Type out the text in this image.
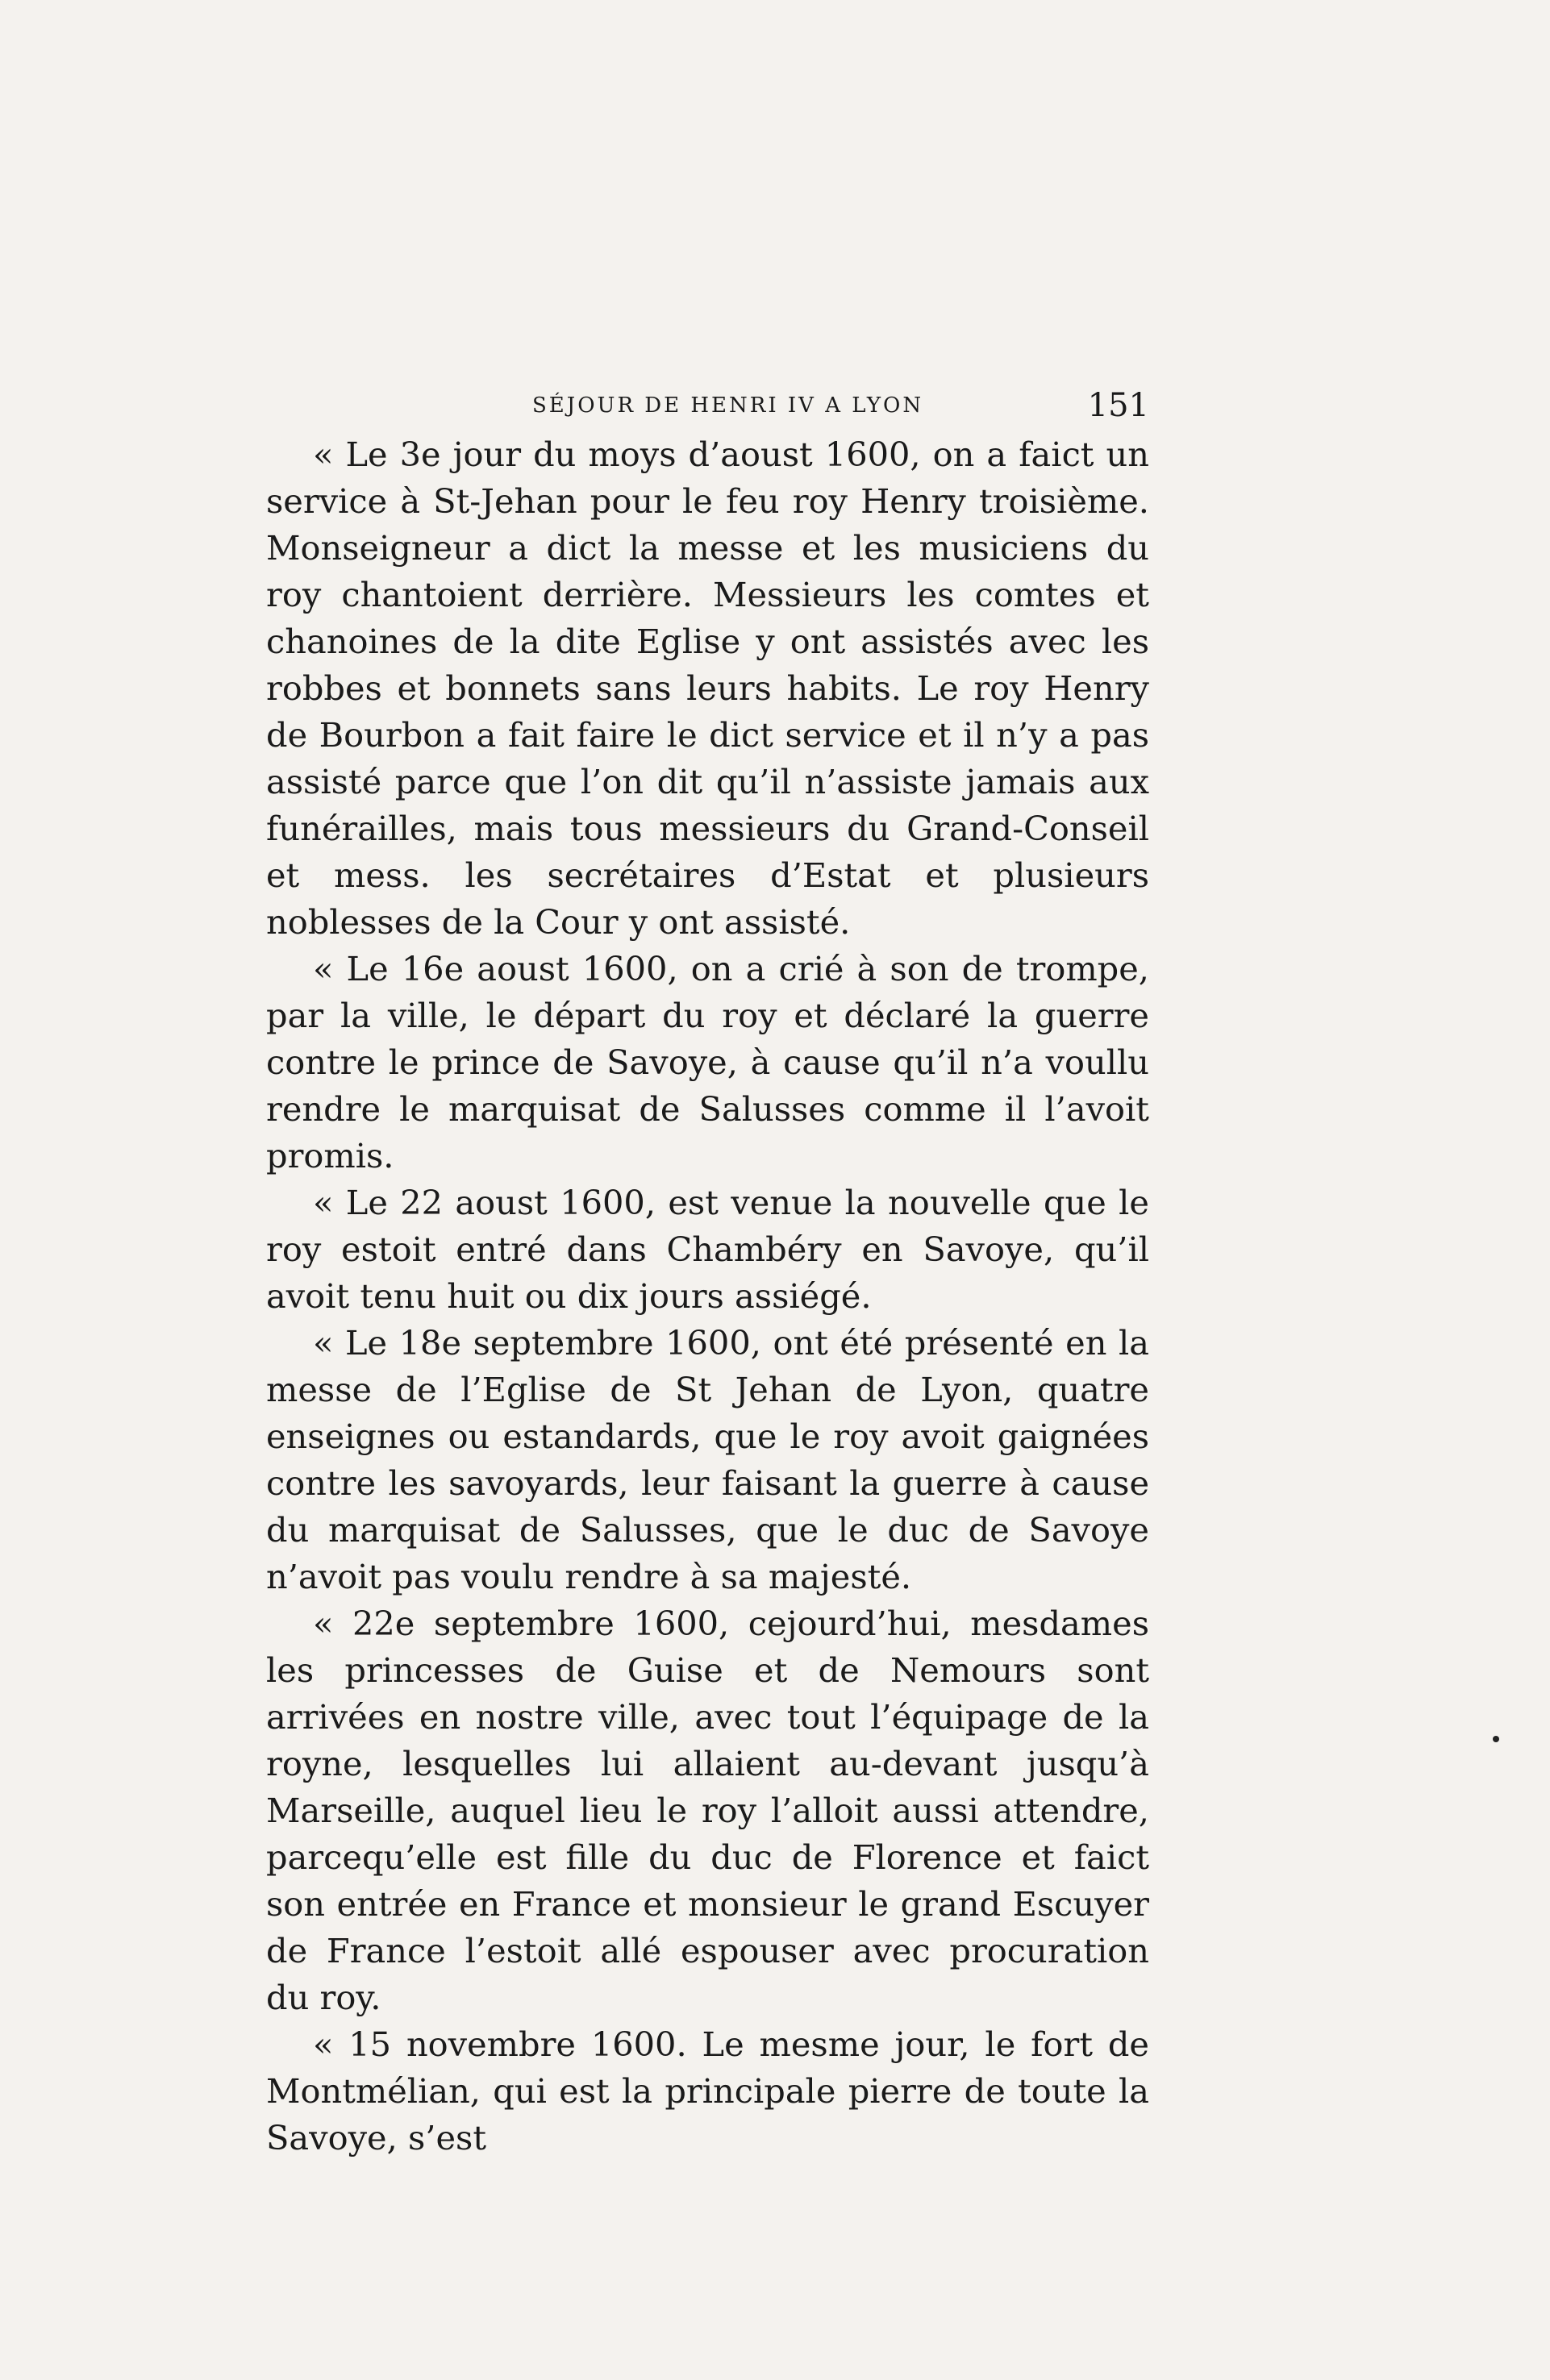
SÉJOUR DE HENRI IV A LYON	151

« Le 3e jour du moys d’aoust 1600, on a faict un service à St-Jehan pour le feu roy Henry troisième. Monseigneur a dict la messe et les musiciens du roy chantoient derrière. Messieurs les comtes et chanoines de la dite Eglise y ont assistés avec les robbes et bonnets sans leurs habits. Le roy Henry de Bourbon a fait faire le dict service et il n’y a pas assisté parce que l’on dit qu’il n’assiste jamais aux funérailles, mais tous messieurs du Grand-Conseil et mess. les secrétaires d’Estat et plusieurs noblesses de la Cour y ont assisté.

« Le 16e aoust 1600, on a crié à son de trompe, par la ville, le départ du roy et déclaré la guerre contre le prince de Savoye, à cause qu’il n’a voullu rendre le marquisat de Salusses comme il l’avoit promis.

« Le 22 aoust 1600, est venue la nouvelle que le roy estoit entré dans Chambéry en Savoye, qu’il avoit tenu huit ou dix jours assiégé.

« Le 18e septembre 1600, ont été présenté en la messe de l’Eglise de St Jehan de Lyon, quatre enseignes ou estandards, que le roy avoit gaignées contre les savoyards, leur faisant la guerre à cause du marquisat de Salusses, que le duc de Savoye n’avoit pas voulu rendre à sa majesté.

« 22e septembre 1600, cejourd’hui, mesdames les princesses de Guise et de Nemours sont arrivées en nostre ville, avec tout l’équipage de la royne, lesquelles lui allaient au-devant jusqu’à Marseille, auquel lieu le roy l’alloit aussi attendre, parcequ’elle est fille du duc de Florence et faict son entrée en France et monsieur le grand Escuyer de France l’estoit allé espouser avec procuration du roy.

« 15 novembre 1600. Le mesme jour, le fort de Montmélian, qui est la principale pierre de toute la Savoye, s’est
